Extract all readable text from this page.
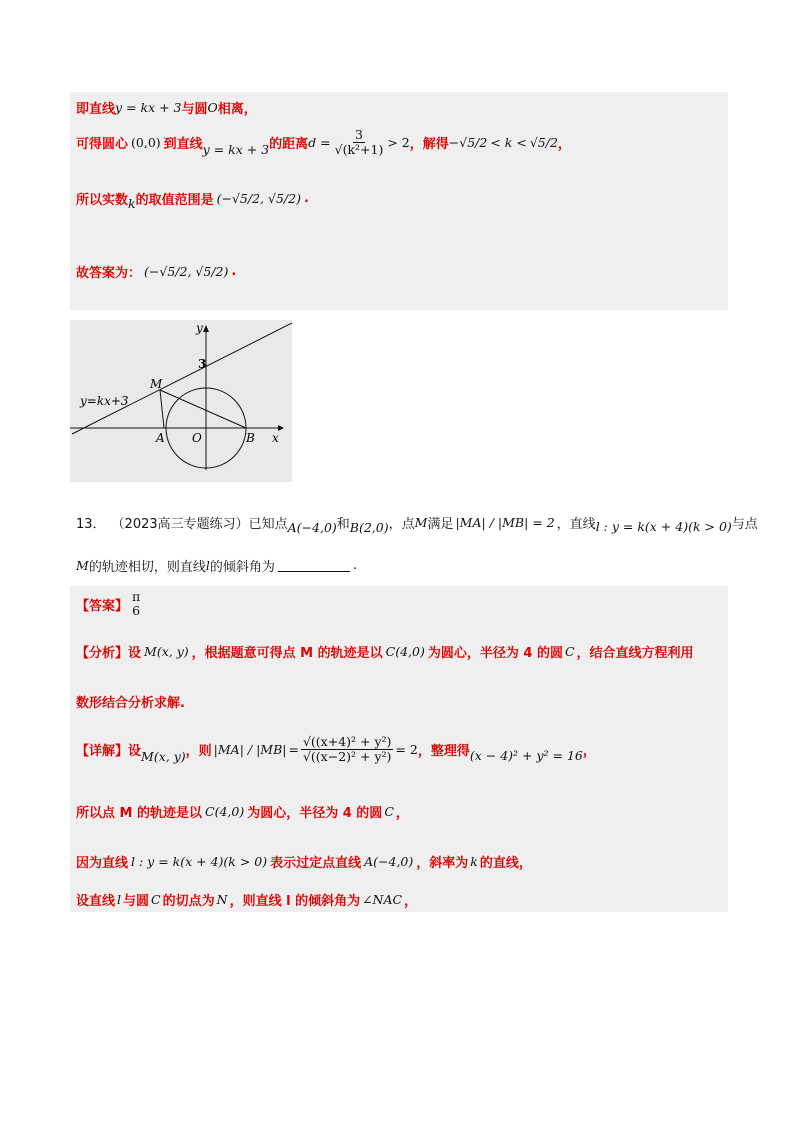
即直线 y = kx + 3 与圆 O 相离，
可得圆心 (0,0) 到直线 y = kx + 3 的距离 $d = \frac{3}{\text{√(k²+1)}} > 2$ ，解得 −√5/2 < k < √5/2 ，
所以实数 k 的取值范围是 (−√5/2, √5/2) .
故答案为： (−√5/2, √5/2) .
y
x
3
y=kx+3
M
A O	B
13． （2023高三专题练习）已知点 A(−4,0) 和 B(2,0) ，点 M 满足 |MA| / |MB| = 2 ，直线 l : y = k(x + 4)(k > 0) 与点
M 的轨迹相切，则直线 l 的倾斜角为	.
【答案】
π
6
【分析】设 M(x, y) ，根据题意可得点 M 的轨迹是以 C(4,0) 为圆心，半径为 4 的圆 C ，结合直线方程利用
数形结合分析求解.
【详解】设 M(x, y) ，则 $|MA| / |MB| = \frac{\text{√((x+4)² + y²)}}{\text{√((x−2)² + y²)}} = 2$ ，整理得 (x − 4)² + y² = 16 ，
所以点 M 的轨迹是以 C(4,0) 为圆心，半径为 4 的圆 C ，
因为直线 l : y = k(x + 4)(k > 0) 表示过定点直线 A(−4,0) ，斜率为 k 的直线，
设直线 l 与圆 C 的切点为 N ，则直线 l 的倾斜角为 ∠NAC ，
